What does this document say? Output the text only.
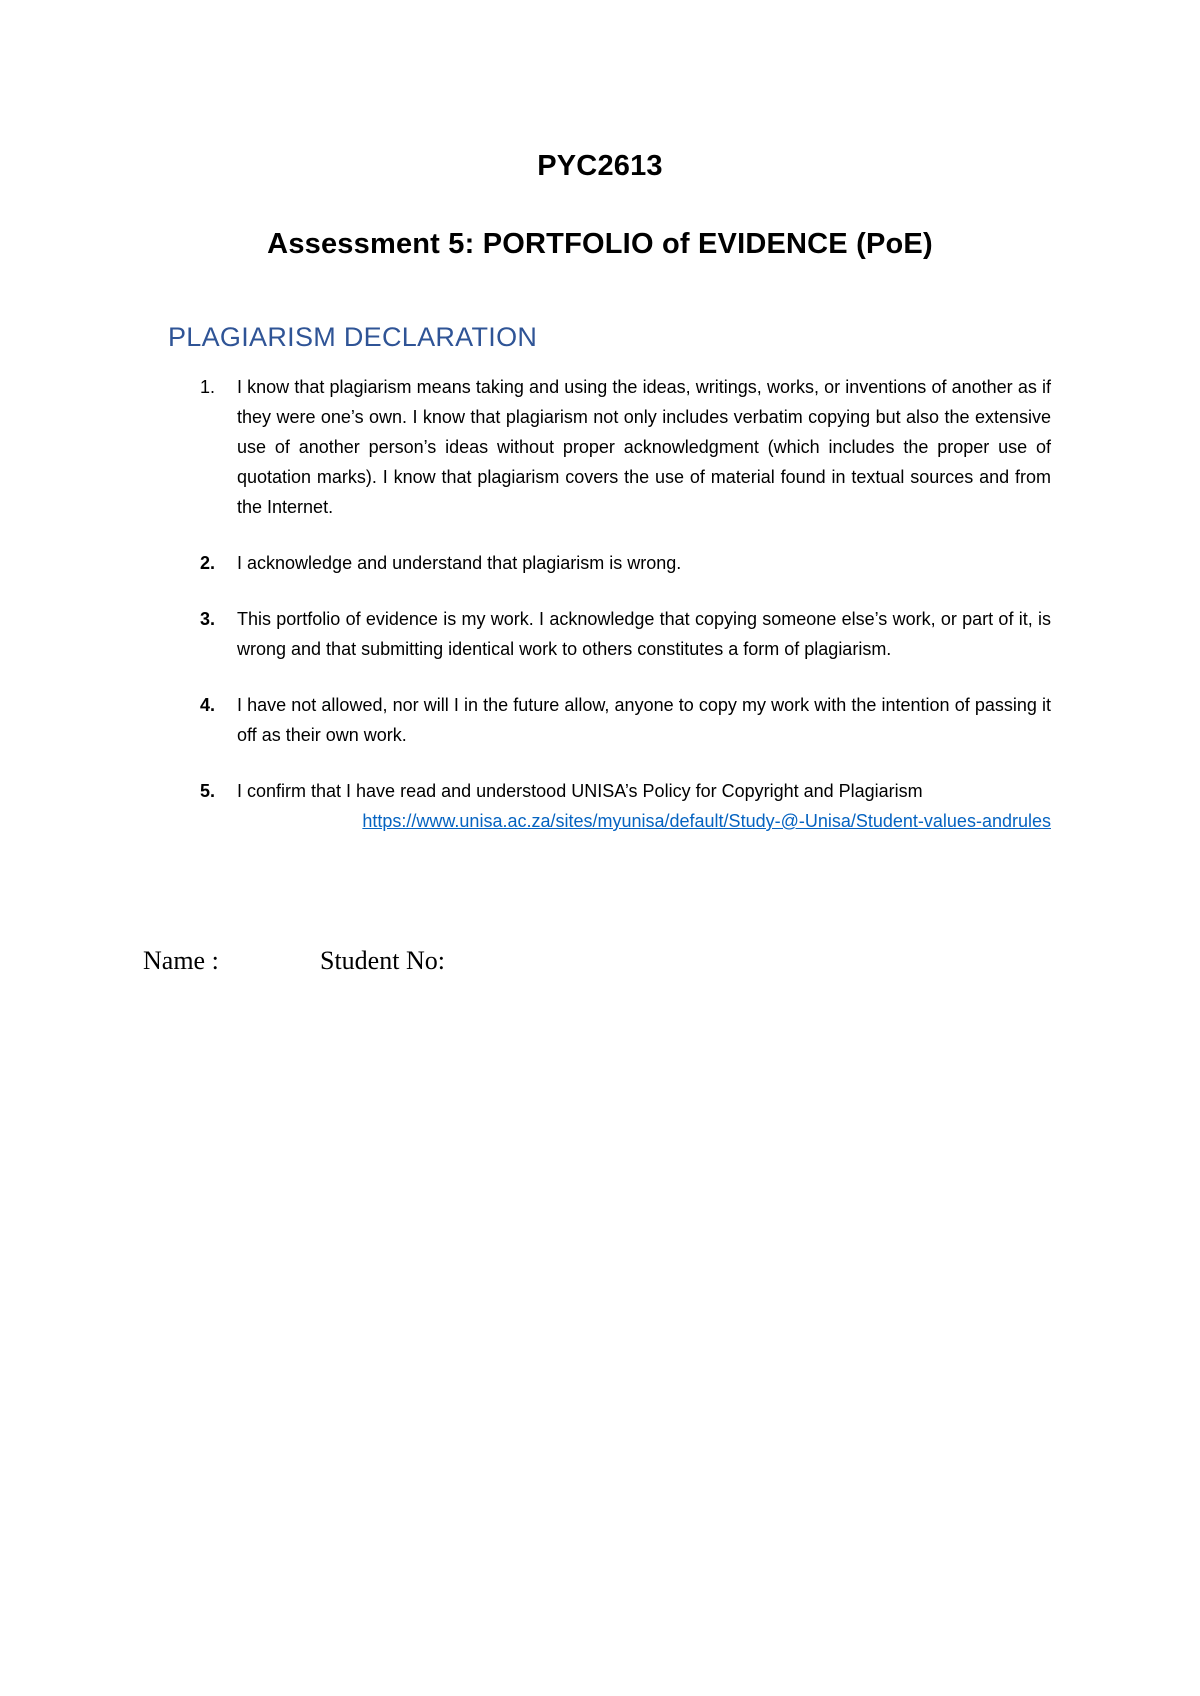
PYC2613
Assessment 5: PORTFOLIO of EVIDENCE (PoE)
PLAGIARISM DECLARATION
1. I know that plagiarism means taking and using the ideas, writings, works, or inventions of another as if they were one’s own. I know that plagiarism not only includes verbatim copying but also the extensive use of another person’s ideas without proper acknowledgment (which includes the proper use of quotation marks). I know that plagiarism covers the use of material found in textual sources and from the Internet.
2. I acknowledge and understand that plagiarism is wrong.
3. This portfolio of evidence is my work. I acknowledge that copying someone else’s work, or part of it, is wrong and that submitting identical work to others constitutes a form of plagiarism.
4. I have not allowed, nor will I in the future allow, anyone to copy my work with the intention of passing it off as their own work.
5. I confirm that I have read and understood UNISA’s Policy for Copyright and Plagiarism
https://www.unisa.ac.za/sites/myunisa/default/Study-@-Unisa/Student-values-andrules
Name :	Student No:
